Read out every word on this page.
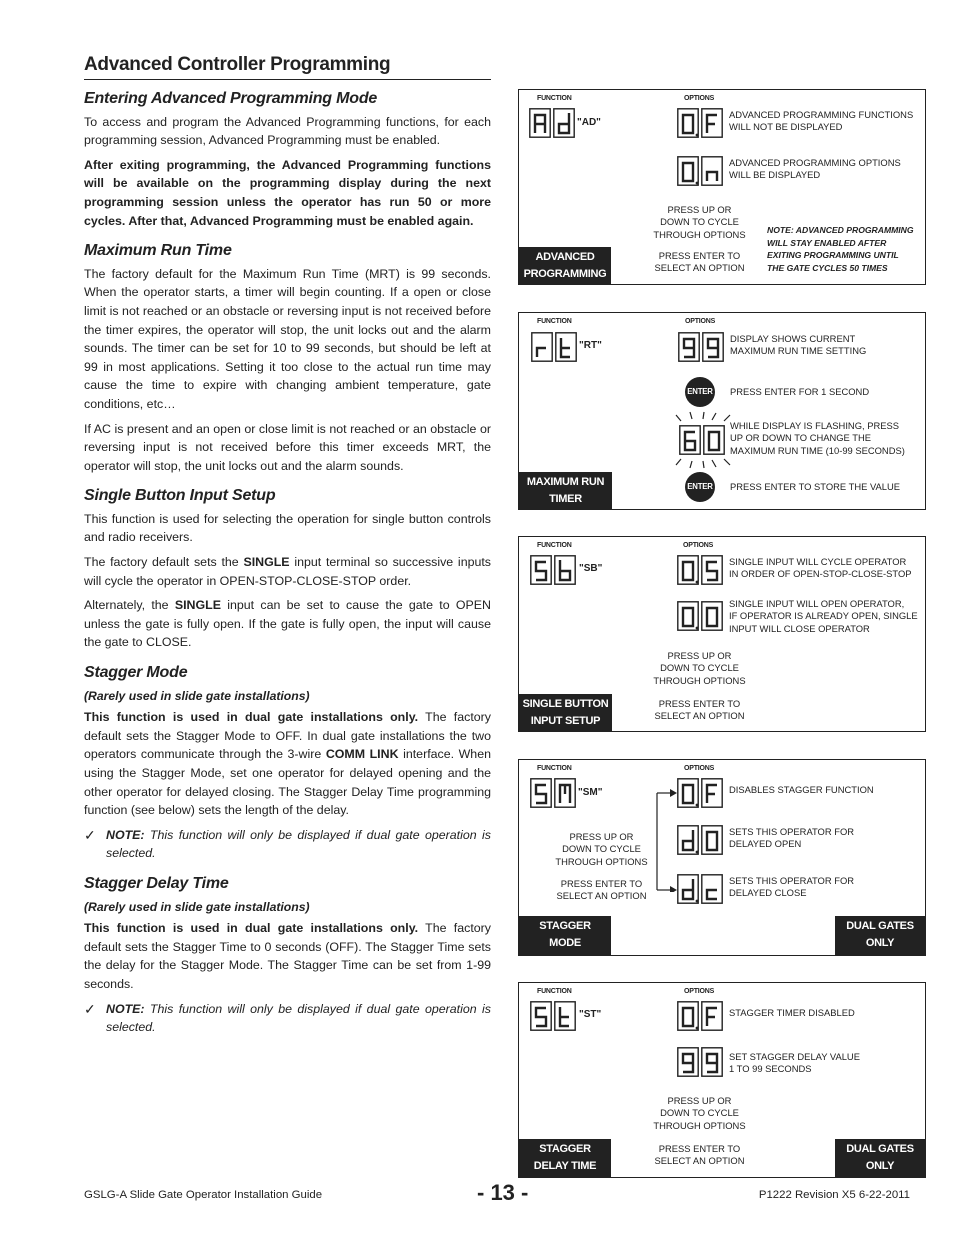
Advanced Controller Programming
Entering Advanced Programming Mode

To access and program the Advanced Programming functions, for each programming session, Advanced Programming must be enabled.

After exiting programming, the Advanced Programming functions will be available on the programming display during the next programming session unless the operator has run 50 or more cycles. After that, Advanced Programming must be enabled again.

Maximum Run Time

The factory default for the Maximum Run Time (MRT) is 99 seconds. When the operator starts, a timer will begin counting. If a open or close limit is not reached or an obstacle or reversing input is not received before the timer expires, the operator will stop, the unit locks out and the alarm sounds. The timer can be set for 10 to 99 seconds, but should be left at 99 in most applications. Setting it too close to the actual run time may cause the time to expire with changing ambient temperature, gate conditions, etc…

If AC is present and an open or close limit is not reached or an obstacle or reversing input is not received before this timer exceeds MRT, the operator will stop, the unit locks out and the alarm sounds.

Single Button Input Setup

This function is used for selecting the operation for single button controls and radio receivers.

The factory default sets the SINGLE input terminal so successive inputs will cycle the operator in OPEN-STOP-CLOSE-STOP order.

Alternately, the SINGLE input can be set to cause the gate to OPEN unless the gate is fully open. If the gate is fully open, the input will cause the gate to CLOSE.

Stagger Mode
(Rarely used in slide gate installations)

This function is used in dual gate installations only. The factory default sets the Stagger Mode to OFF. In dual gate installations the two operators communicate through the 3-wire COMM LINK interface. When using the Stagger Mode, set one operator for delayed opening and the other operator for delayed closing. The Stagger Delay Time programming function (see below) sets the length of the delay.

✓ NOTE: This function will only be displayed if dual gate operation is selected.
Stagger Delay Time
(Rarely used in slide gate installations)

This function is used in dual gate installations only. The factory default sets the Stagger Time to 0 seconds (OFF). The Stagger Time sets the delay for the Stagger Mode. The Stagger Time can be set from 1-99 seconds.

✓ NOTE: This function will only be displayed if dual gate operation is selected.
FUNCTION	OPTIONS
"AD"
ADVANCED PROGRAMMING FUNCTIONS
WILL NOT BE DISPLAYED
ADVANCED PROGRAMMING OPTIONS
WILL BE DISPLAYED
PRESS UP OR
DOWN TO CYCLE
THROUGH OPTIONS
PRESS ENTER TO
SELECT AN OPTION
NOTE: ADVANCED PROGRAMMING
WILL STAY ENABLED AFTER
EXITING PROGRAMMING UNTIL
THE GATE CYCLES 50 TIMES
ADVANCED
PROGRAMMING
FUNCTION	OPTIONS
"RT"
DISPLAY SHOWS CURRENT
MAXIMUM RUN TIME SETTING
ENTER PRESS ENTER FOR 1 SECOND
WHILE DISPLAY IS FLASHING, PRESS
UP OR DOWN TO CHANGE THE
MAXIMUM RUN TIME (10-99 SECONDS)
ENTER PRESS ENTER TO STORE THE VALUE
MAXIMUM RUN
TIMER
FUNCTION	OPTIONS
"SB"
SINGLE INPUT WILL CYCLE OPERATOR
IN ORDER OF OPEN-STOP-CLOSE-STOP
SINGLE INPUT WILL OPEN OPERATOR,
IF OPERATOR IS ALREADY OPEN, SINGLE
INPUT WILL CLOSE OPERATOR
PRESS UP OR
DOWN TO CYCLE
THROUGH OPTIONS
PRESS ENTER TO
SELECT AN OPTION
SINGLE BUTTON
INPUT SETUP
FUNCTION	OPTIONS
"SM"	DISABLES STAGGER FUNCTION
SETS THIS OPERATOR FOR
DELAYED OPEN
SETS THIS OPERATOR FOR
DELAYED CLOSE
PRESS UP OR
DOWN TO CYCLE
THROUGH OPTIONS
PRESS ENTER TO
SELECT AN OPTION
STAGGER
MODE
DUAL GATES
ONLY
FUNCTION	OPTIONS
"ST"	STAGGER TIMER DISABLED
SET STAGGER DELAY VALUE
1 TO 99 SECONDS
PRESS UP OR
DOWN TO CYCLE
THROUGH OPTIONS
PRESS ENTER TO
SELECT AN OPTION
STAGGER
DELAY TIME
DUAL GATES
ONLY
GSLG-A Slide Gate Operator Installation Guide	- 13 -	P1222 Revision X5 6-22-2011
